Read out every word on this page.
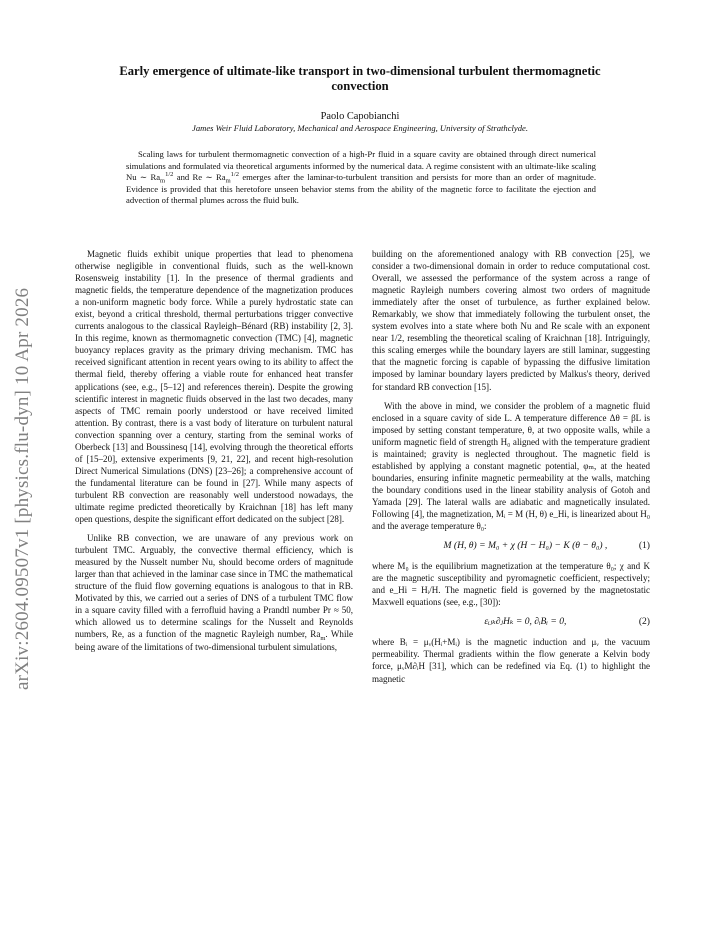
arXiv:2604.09507v1 [physics.flu-dyn] 10 Apr 2026
Early emergence of ultimate-like transport in two-dimensional turbulent thermomagnetic convection
Paolo Capobianchi
James Weir Fluid Laboratory, Mechanical and Aerospace Engineering, University of Strathclyde.
Scaling laws for turbulent thermomagnetic convection of a high-Pr fluid in a square cavity are obtained through direct numerical simulations and formulated via theoretical arguments informed by the numerical data. A regime consistent with an ultimate-like scaling Nu ∼ $Ra_m^{1/2}$ and Re ∼ $Ra_m^{1/2}$ emerges after the laminar-to-turbulent transition and persists for more than an order of magnitude. Evidence is provided that this heretofore unseen behavior stems from the ability of the magnetic force to facilitate the ejection and advection of thermal plumes across the fluid bulk.

Magnetic fluids exhibit unique properties that lead to phenomena otherwise negligible in conventional fluids, such as the well-known Rosensweig instability [1]. In the presence of thermal gradients and magnetic fields, the temperature dependence of the magnetization produces a non-uniform magnetic body force. While a purely hydrostatic state can exist, beyond a critical threshold, thermal perturbations trigger convective currents analogous to the classical Rayleigh–Bénard (RB) instability [2, 3]. In this regime, known as thermomagnetic convection (TMC) [4], magnetic buoyancy replaces gravity as the primary driving mechanism. TMC has received significant attention in recent years owing to its ability to affect the thermal field, thereby offering a viable route for enhanced heat transfer applications (see, e.g., [5–12] and references therein). Despite the growing scientific interest in magnetic fluids observed in the last two decades, many aspects of TMC remain poorly understood or have received limited attention. By contrast, there is a vast body of literature on turbulent natural convection spanning over a century, starting from the seminal works of Oberbeck [13] and Boussinesq [14], evolving through the theoretical efforts of [15–20], extensive experiments [9, 21, 22], and recent high-resolution Direct Numerical Simulations (DNS) [23–26]; a comprehensive account of the fundamental literature can be found in [27]. While many aspects of turbulent RB convection are reasonably well understood nowadays, the ultimate regime predicted theoretically by Kraichnan [18] has left many open questions, despite the significant effort dedicated on the subject [28].

Unlike RB convection, we are unaware of any previous work on turbulent TMC. Arguably, the convective thermal efficiency, which is measured by the Nusselt number Nu, should become orders of magnitude larger than that achieved in the laminar case since in TMC the mathematical structure of the fluid flow governing equations is analogous to that in RB. Motivated by this, we carried out a series of DNS of a turbulent TMC flow in a square cavity filled with a ferrofluid having a Prandtl number Pr ≈ 50, which allowed us to determine scalings for the Nusselt and Reynolds numbers, Re, as a function of the magnetic Rayleigh number, $Ra_m$. While being aware of the limitations of two-dimensional turbulent simulations,

building on the aforementioned analogy with RB convection [25], we consider a two-dimensional domain in order to reduce computational cost. Overall, we assessed the performance of the system across a range of magnetic Rayleigh numbers covering almost two orders of magnitude immediately after the onset of turbulence, as further explained below. Remarkably, we show that immediately following the turbulent onset, the system evolves into a state where both Nu and Re scale with an exponent near 1/2, resembling the theoretical scaling of Kraichnan [18]. Intriguingly, this scaling emerges while the boundary layers are still laminar, suggesting that the magnetic forcing is capable of bypassing the diffusive limitation imposed by laminar boundary layers predicted by Malkus's theory, derived for standard RB convection [15].

With the above in mind, we consider the problem of a magnetic fluid enclosed in a square cavity of side L. A temperature difference Δθ = βL is imposed by setting constant temperature, θ, at two opposite walls, while a uniform magnetic field of strength H₀ aligned with the temperature gradient is maintained; gravity is neglected throughout. The magnetic field is established by applying a constant magnetic potential, φₘ, at the heated boundaries, ensuring infinite magnetic permeability at the walls, matching the boundary conditions used in the linear stability analysis of Gotoh and Yamada [29]. The lateral walls are adiabatic and magnetically insulated. Following [4], the magnetization, Mᵢ = M (H, θ) e_Hi, is linearized about H₀ and the average temperature θ₀:

M (H, θ) = M₀ + χ (H − H₀) − K (θ − θ₀) ,	(1)

where M₀ is the equilibrium magnetization at the temperature θ₀; χ and K are the magnetic susceptibility and pyromagnetic coefficient, respectively; and e_Hi = Hᵢ/H. The magnetic field is governed by the magnetostatic Maxwell equations (see, e.g., [30]):

εᵢⱼₖ∂ⱼHₖ = 0, ∂ᵢBᵢ = 0,	(2)

where Bᵢ = μᵥ(Hᵢ+Mᵢ) is the magnetic induction and μᵥ the vacuum permeability. Thermal gradients within the flow generate a Kelvin body force, μᵥM∂ᵢH [31], which can be redefined via Eq. (1) to highlight the magnetic
